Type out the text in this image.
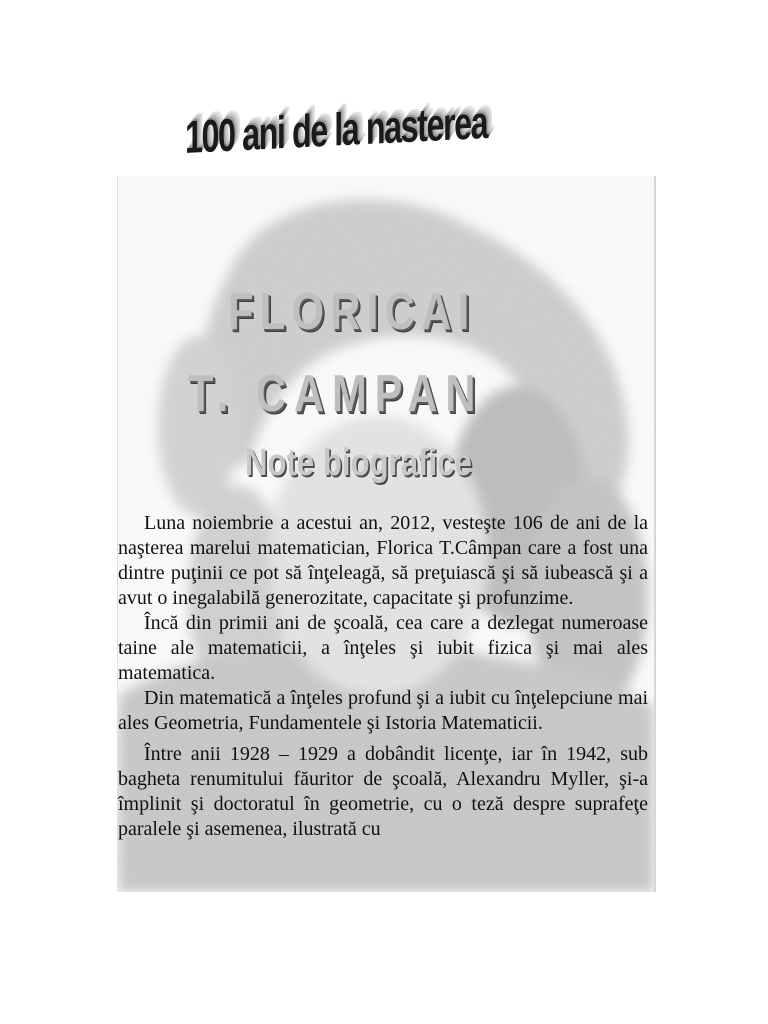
100 ani de la nasterea
FLORICAI
T. CAMPAN
Note biografice

Luna noiembrie a acestui an, 2012, vesteşte 106 de ani de la naşterea marelui matematician, Florica T.Câmpan care a fost una dintre puţinii ce pot să înţeleagă, să preţuiască şi să iubească şi a avut o inegalabilă generozitate, capacitate şi profunzime.

Încă din primii ani de şcoală, cea care a dezlegat numeroase taine ale matematicii, a înţeles şi iubit fizica şi mai ales matematica.

Din matematică a înţeles profund şi a iubit cu înţelepciune mai ales Geometria, Fundamentele şi Istoria Matematicii.

Între anii 1928 – 1929 a dobândit licenţe, iar în 1942, sub bagheta renumitului făuritor de şcoală, Alexandru Myller, şi-a împlinit şi doctoratul în geometrie, cu o teză despre suprafeţe paralele şi asemenea, ilustrată cu
